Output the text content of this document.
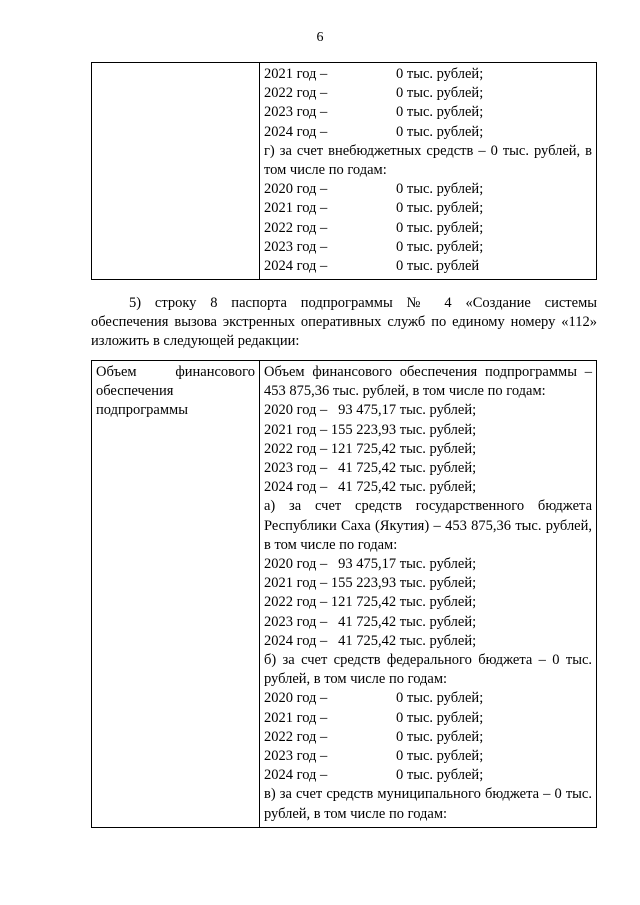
6

2021 год –	0 тыс. рублей;
2022 год –	0 тыс. рублей;
2023 год –	0 тыс. рублей;
2024 год –	0 тыс. рублей;
г) за счет внебюджетных средств – 0 тыс. рублей, в том числе по годам:
2020 год –	0 тыс. рублей;
2021 год –	0 тыс. рублей;
2022 год –	0 тыс. рублей;
2023 год –	0 тыс. рублей;
2024 год –	0 тыс. рублей
5) строку 8 паспорта подпрограммы № 4 «Создание системы
обеспечения вызова экстренных оперативных служб по единому номеру «112»
изложить в следующей редакции:
Объем финансового
обеспечения
подпрограммы

Объем финансового обеспечения подпрограммы – 453 875,36 тыс. рублей, в том числе по годам:
2020 год –   93 475,17 тыс. рублей;
2021 год – 155 223,93 тыс. рублей;
2022 год – 121 725,42 тыс. рублей;
2023 год –   41 725,42 тыс. рублей;
2024 год –   41 725,42 тыс. рублей;
а) за счет средств государственного бюджета Республики Саха (Якутия) – 453 875,36 тыс. рублей, в том числе по годам:
2020 год –   93 475,17 тыс. рублей;
2021 год – 155 223,93 тыс. рублей;
2022 год – 121 725,42 тыс. рублей;
2023 год –   41 725,42 тыс. рублей;
2024 год –   41 725,42 тыс. рублей;
б) за счет средств федерального бюджета – 0 тыс. рублей, в том числе по годам:
2020 год –	0 тыс. рублей;
2021 год –	0 тыс. рублей;
2022 год –	0 тыс. рублей;
2023 год –	0 тыс. рублей;
2024 год –	0 тыс. рублей;
в) за счет средств муниципального бюджета – 0 тыс. рублей, в том числе по годам:
